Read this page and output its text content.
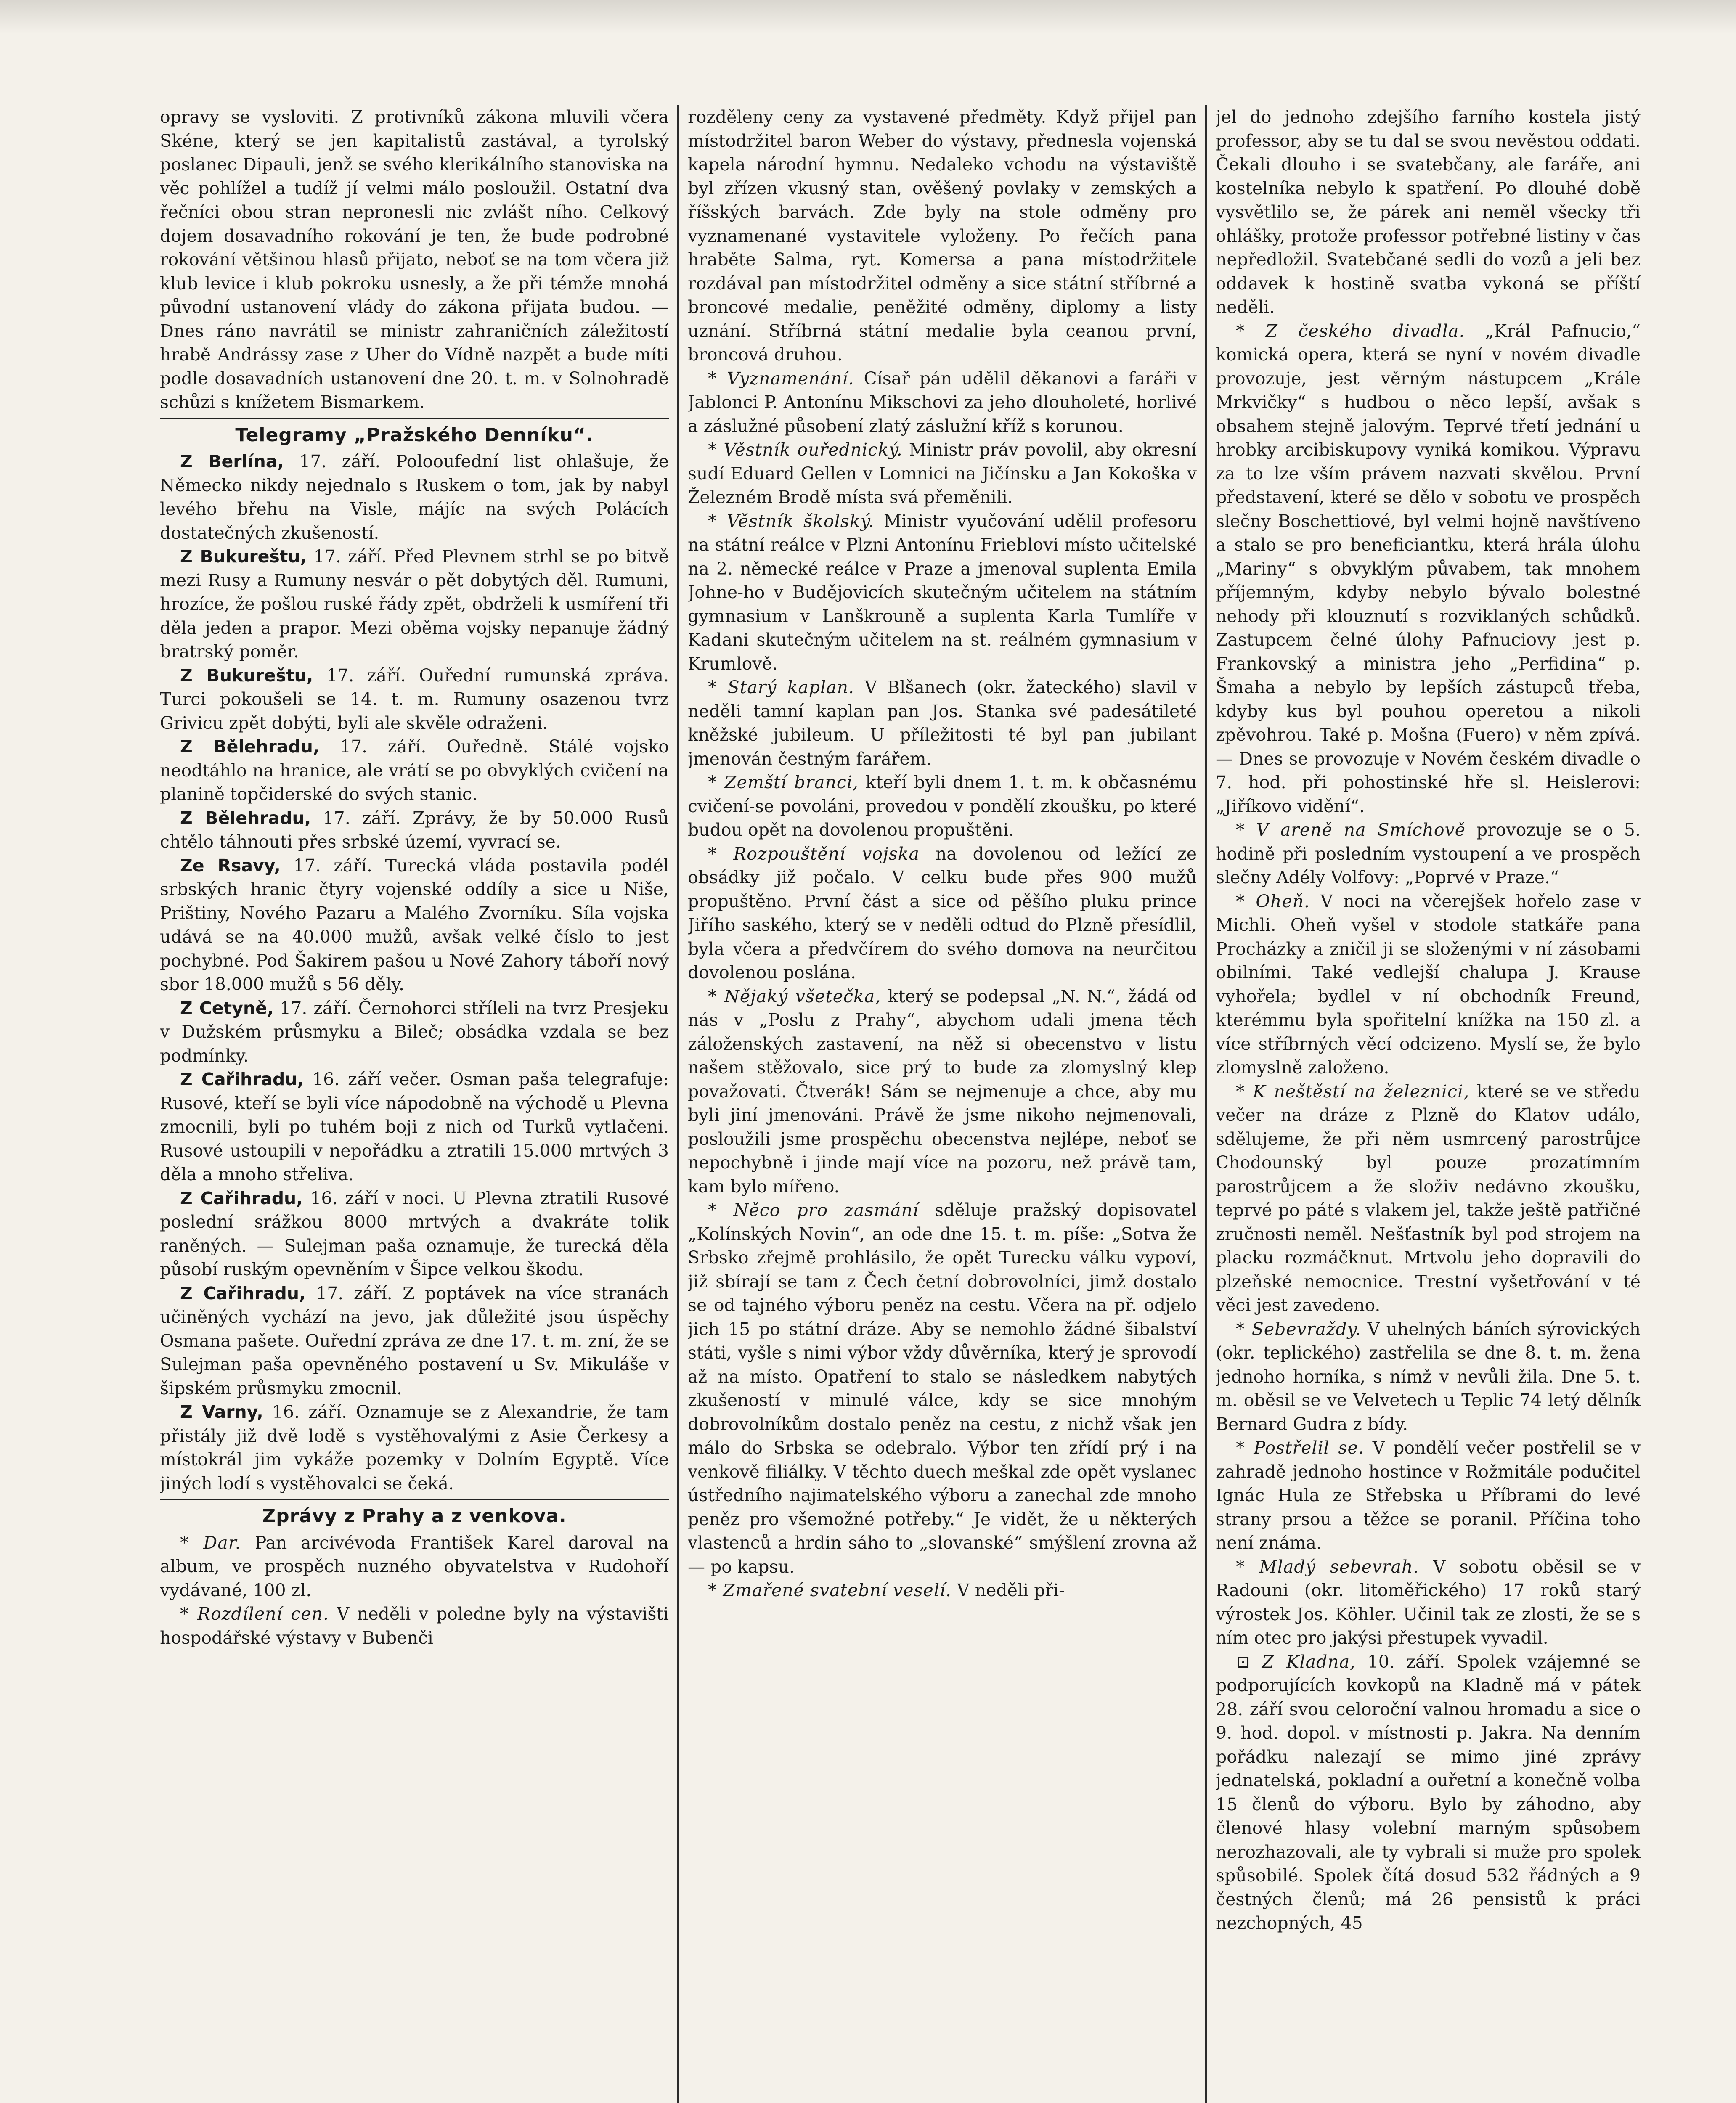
opravy se vysloviti. Z protivníků zákona mluvili včera Skéne, který se jen kapitalistů zastával, a tyrolský poslanec Dipauli, jenž se svého klerikálního stanoviska na věc pohlížel a tudíž jí velmi málo posloužil. Ostatní dva řečníci obou stran nepronesli nic zvlášt ního. Celkový dojem dosavadního rokování je ten, že bude podrobné rokování většinou hlasů přijato, neboť se na tom včera již klub levice i klub pokroku usnesly, a že při témže mnohá původní ustanovení vlády do zákona přijata budou. — Dnes ráno navrátil se ministr zahraničních záležitostí hrabě Andrássy zase z Uher do Vídně nazpět a bude míti podle dosavadních ustanovení dne 20. t. m. v Solnohradě schůzi s knížetem Bismarkem.

Telegramy „Pražského Denníku“.

Z Berlína, 17. září. Polooufední list ohlašuje, že Německo nikdy nejednalo s Ruskem o tom, jak by nabyl levého břehu na Visle, májíc na svých Polácích dostatečných zkušeností.

Z Bukureštu, 17. září. Před Plevnem strhl se po bitvě mezi Rusy a Rumuny nesvár o pět dobytých děl. Rumuni, hrozíce, že pošlou ruské řády zpět, obdrželi k usmíření tři děla jeden a prapor. Mezi oběma vojsky nepanuje žádný bratrský poměr.

Z Bukureštu, 17. září. Ouřední rumunská zpráva. Turci pokoušeli se 14. t. m. Rumuny osazenou tvrz Grivicu zpět dobýti, byli ale skvěle odraženi.

Z Bělehradu, 17. září. Ouředně. Stálé vojsko neodtáhlo na hranice, ale vrátí se po obvyklých cvičení na planině topčiderské do svých stanic.

Z Bělehradu, 17. září. Zprávy, že by 50.000 Rusů chtělo táhnouti přes srbské území, vyvrací se.

Ze Rsavy, 17. září. Turecká vláda postavila podél srbských hranic čtyry vojenské oddíly a sice u Niše, Prištiny, Nového Pazaru a Malého Zvorníku. Síla vojska udává se na 40.000 mužů, avšak velké číslo to jest pochybné. Pod Šakirem pašou u Nové Zahory táboří nový sbor 18.000 mužů s 56 děly.

Z Cetyně, 17. září. Černohorci stříleli na tvrz Presjeku v Dužském průsmyku a Bileč; obsádka vzdala se bez podmínky.

Z Cařihradu, 16. září večer. Osman paša telegrafuje: Rusové, kteří se byli více nápodobně na východě u Plevna zmocnili, byli po tuhém boji z nich od Turků vytlačeni. Rusové ustoupili v nepořádku a ztratili 15.000 mrtvých 3 děla a mnoho střeliva.

Z Cařihradu, 16. září v noci. U Plevna ztratili Rusové poslední srážkou 8000 mrtvých a dvakráte tolik raněných. — Sulejman paša oznamuje, že turecká děla působí ruským opevněním v Šipce velkou škodu.

Z Cařihradu, 17. září. Z poptávek na více stranách učiněných vychází na jevo, jak důležité jsou úspěchy Osmana pašete. Ouřední zpráva ze dne 17. t. m. zní, že se Sulejman paša opevněného postavení u Sv. Mikuláše v šipském průsmyku zmocnil.

Z Varny, 16. září. Oznamuje se z Alexandrie, že tam přistály již dvě lodě s vystěhovalými z Asie Čerkesy a místokrál jim vykáže pozemky v Dolním Egyptě. Více jiných lodí s vystěhovalci se čeká.

Zprávy z Prahy a z venkova.

* Dar. Pan arcivévoda František Karel daroval na album, ve prospěch nuzného obyvatelstva v Rudohoří vydávané, 100 zl.

* Rozdílení cen. V neděli v poledne byly na výstavišti hospodářské výstavy v Bubenči

rozděleny ceny za vystavené předměty. Když přijel pan místodržitel baron Weber do výstavy, přednesla vojenská kapela národní hymnu. Nedaleko vchodu na výstaviště byl zřízen vkusný stan, ověšený povlaky v zemských a říšských barvách. Zde byly na stole odměny pro vyznamenané vystavitele vyloženy. Po řečích pana hraběte Salma, ryt. Komersa a pana místodržitele rozdával pan místodržitel odměny a sice státní stříbrné a broncové medalie, peněžité odměny, diplomy a listy uznání. Stříbrná státní medalie byla ceanou první, broncová druhou.

* Vyznamenání. Císař pán udělil děkanovi a faráři v Jablonci P. Antonínu Mikschovi za jeho dlouholeté, horlivé a záslužné působení zlatý záslužní kříž s korunou.

* Věstník ouřednický. Ministr práv povolil, aby okresní sudí Eduard Gellen v Lomnici na Jičínsku a Jan Kokoška v Železném Brodě místa svá přeměnili.

* Věstník školský. Ministr vyučování udělil profesoru na státní reálce v Plzni Antonínu Frieblovi místo učitelské na 2. německé reálce v Praze a jmenoval suplenta Emila Johne-ho v Budějovicích skutečným učitelem na státním gymnasium v Lanškrouně a suplenta Karla Tumlíře v Kadani skutečným učitelem na st. reálném gymnasium v Krumlově.

* Starý kaplan. V Blšanech (okr. žateckého) slavil v neděli tamní kaplan pan Jos. Stanka své padesátileté kněžské jubileum. U příležitosti té byl pan jubilant jmenován čestným farářem.

* Zemští branci, kteří byli dnem 1. t. m. k občasnému cvičení-se povoláni, provedou v pondělí zkoušku, po které budou opět na dovolenou propuštěni.

* Rozpouštění vojska na dovolenou od ležící ze obsádky již počalo. V celku bude přes 900 mužů propuštěno. První část a sice od pěšího pluku prince Jiřího saského, který se v neděli odtud do Plzně přesídlil, byla včera a předvčírem do svého domova na neurčitou dovolenou poslána.

* Nějaký všetečka, který se podepsal „N. N.“, žádá od nás v „Poslu z Prahy“, abychom udali jmena těch záloženských zastavení, na něž si obecenstvo v listu našem stěžovalo, sice prý to bude za zlomyslný klep považovati. Čtverák! Sám se nejmenuje a chce, aby mu byli jiní jmenováni. Právě že jsme nikoho nejmenovali, posloužili jsme prospěchu obecenstva nejlépe, neboť se nepochybně i jinde mají více na pozoru, než právě tam, kam bylo mířeno.

* Něco pro zasmání sděluje pražský dopisovatel „Kolínských Novin“, an ode dne 15. t. m. píše: „Sotva že Srbsko zřejmě prohlásilo, že opět Turecku válku vypoví, již sbírají se tam z Čech četní dobrovolníci, jimž dostalo se od tajného výboru peněz na cestu. Včera na př. odjelo jich 15 po státní dráze. Aby se nemohlo žádné šibalství státi, vyšle s nimi výbor vždy důvěrníka, který je sprovodí až na místo. Opatření to stalo se následkem nabytých zkušeností v minulé válce, kdy se sice mnohým dobrovolníkům dostalo peněz na cestu, z nichž však jen málo do Srbska se odebralo. Výbor ten zřídí prý i na venkově filiálky. V těchto duech meškal zde opět vyslanec ústředního najimatelského výboru a zanechal zde mnoho peněz pro všemožné potřeby.“ Je vidět, že u některých vlastenců a hrdin sáho to „slovanské“ smýšlení zrovna až — po kapsu.

* Zmařené svatební veselí. V neděli při-

jel do jednoho zdejšího farního kostela jistý professor, aby se tu dal se svou nevěstou oddati. Čekali dlouho i se svatebčany, ale faráře, ani kostelníka nebylo k spatření. Po dlouhé době vysvětlilo se, že párek ani neměl všecky tři ohlášky, protože professor potřebné listiny v čas nepředložil. Svatebčané sedli do vozů a jeli bez oddavek k hostině svatba vykoná se příští neděli.

* Z českého divadla. „Král Pafnucio,“ komická opera, která se nyní v novém divadle provozuje, jest věrným nástupcem „Krále Mrkvičky“ s hudbou o něco lepší, avšak s obsahem stejně jalovým. Teprvé třetí jednání u hrobky arcibiskupovy vyniká komikou. Výpravu za to lze vším právem nazvati skvělou. První představení, které se dělo v sobotu ve prospěch slečny Boschettiové, byl velmi hojně navštíveno a stalo se pro beneficiantku, která hrála úlohu „Mariny“ s obvyklým půvabem, tak mnohem příjemným, kdyby nebylo bývalo bolestné nehody při klouznutí s rozviklaných schůdků. Zastupcem čelné úlohy Pafnuciovy jest p. Frankovský a ministra jeho „Perfidina“ p. Šmaha a nebylo by lepších zástupců třeba, kdyby kus byl pouhou operetou a nikoli zpěvohrou. Také p. Mošna (Fuero) v něm zpívá. — Dnes se provozuje v Novém českém divadle o 7. hod. při pohostinské hře sl. Heislerovi: „Jiříkovo vidění“.

* V areně na Smíchově provozuje se o 5. hodině při posledním vystoupení a ve prospěch slečny Adély Volfovy: „Poprvé v Praze.“

* Oheň. V noci na včerejšek hořelo zase v Michli. Oheň vyšel v stodole statkáře pana Procházky a zničil ji se složenými v ní zásobami obilními. Také vedlejší chalupa J. Krause vyhořela; bydlel v ní obchodník Freund, kterémmu byla spořitelní knížka na 150 zl. a více stříbrných věcí odcizeno. Myslí se, že bylo zlomyslně založeno.

* K neštěstí na železnici, které se ve středu večer na dráze z Plzně do Klatov událo, sdělujeme, že při něm usmrcený parostrůjce Chodounský byl pouze prozatímním parostrůjcem a že složiv nedávno zkoušku, teprvé po páté s vlakem jel, takže ještě patřičné zručnosti neměl. Nešťastník byl pod strojem na placku rozmáčknut. Mrtvolu jeho dopravili do plzeňské nemocnice. Trestní vyšetřování v té věci jest zavedeno.

* Sebevraždy. V uhelných báních sýrovických (okr. teplického) zastřelila se dne 8. t. m. žena jednoho horníka, s nímž v nevůli žila. Dne 5. t. m. oběsil se ve Velvetech u Teplic 74 letý dělník Bernard Gudra z bídy.

* Postřelil se. V pondělí večer postřelil se v zahradě jednoho hostince v Rožmitále podučitel Ignác Hula ze Střebska u Příbrami do levé strany prsou a těžce se poranil. Příčina toho není známa.

* Mladý sebevrah. V sobotu oběsil se v Radouni (okr. litoměřického) 17 roků starý výrostek Jos. Köhler. Učinil tak ze zlosti, že se s ním otec pro jakýsi přestupek vyvadil.

⊡ Z Kladna, 10. září. Spolek vzájemné se podporujících kovkopů na Kladně má v pátek 28. září svou celoroční valnou hromadu a sice o 9. hod. dopol. v místnosti p. Jakra. Na denním pořádku nalezají se mimo jiné zprávy jednatelská, pokladní a ouřetní a konečně volba 15 členů do výboru. Bylo by záhodno, aby členové hlasy volební marným spůsobem nerozhazovali, ale ty vybrali si muže pro spolek spůsobilé. Spolek čítá dosud 532 řádných a 9 čestných členů; má 26 pensistů k práci nezchopných, 45
